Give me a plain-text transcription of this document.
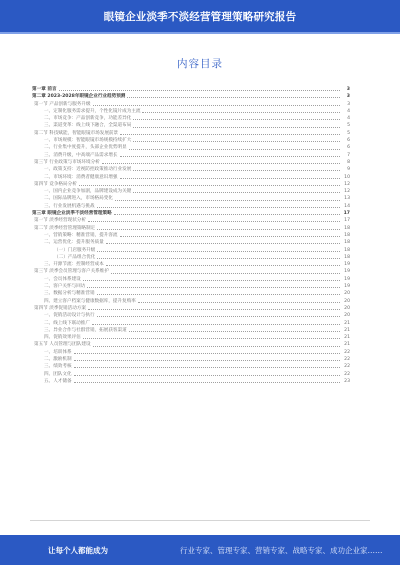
眼镜企业淡季不淡经营管理策略研究报告
内容目录
第一章 前言	3
第二章 2023-2028年眼镜企业行业趋势预测	3
第一节 产品创新与服务升级	3
一、定制化服务需求提升，个性化镜片成为主流	4
二、市场竞争：产品创新竞争，功能差异化	4
三、渠道变革：线上线下融合，全渠道布局	5
第二节 科技赋能，智能眼镜市场发展前景	5
一、市场规模：智能眼镜市场规模持续扩大	6
二、行业集中度提升，头部企业优势明显	6
三、消费升级，中高端产品需求增长	7
第三节 行业政策与市场环境分析	8
一、政策支持：近视防控政策推动行业发展	9
二、市场环境：消费者健康意识增强	10
第四节 竞争格局分析	12
一、国内企业竞争加剧，品牌建设成为关键	12
二、国际品牌进入，市场格局变化	13
三、行业发展机遇与挑战	14
第三章 眼镜企业淡季不淡经营管理策略	17
第一节 淡季经营现状分析	17
第二节 淡季经营管理策略制定	18
一、营销策略：精准营销，提升客流	18
二、运营优化：提升服务质量	18
（一）门店服务升级	18
（二）产品组合优化	18
三、开源节流：控制经营成本	19
第三节 淡季会员管理与客户关系维护	19
一、会员体系建设	19
二、客户关怀与回访	19
三、数据分析与精准营销	20
四、建立客户档案与健康数据库，提升复购率	20
第四节 淡季促销活动方案	20
一、促销活动设计与执行	20
二、线上线下联动推广	21
三、异业合作与社群营销，拓展获客渠道	21
四、促销效果评估	21
第五节 人员管理与团队建设	21
一、培训体系	22
二、激励机制	22
三、绩效考核	22
四、团队文化	22
五、人才储备	23
让每个人都能成为	行业专家、管理专家、营销专家、战略专家、成功企业家……
